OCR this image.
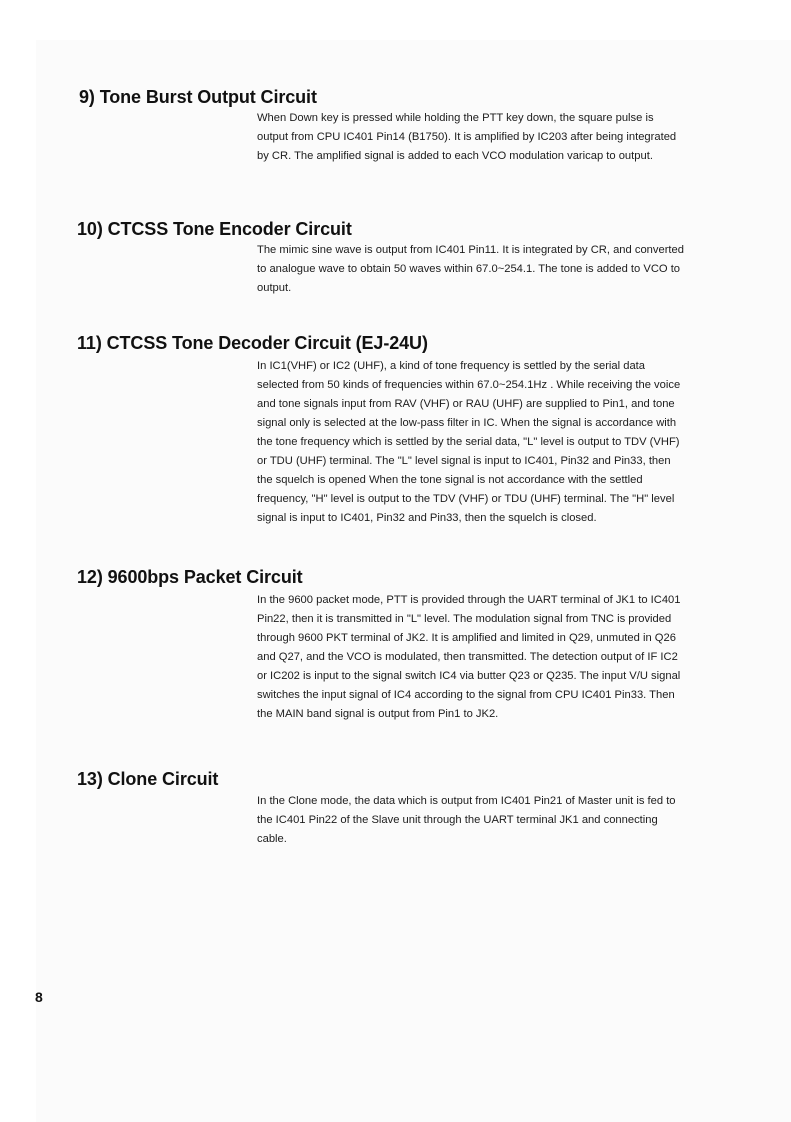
9) Tone Burst Output Circuit

When Down key is pressed while holding the PTT key down, the square pulse is output from CPU IC401 Pin14 (B1750). It is amplified by IC203 after being integrated by CR. The amplified signal is added to each VCO modulation varicap to output.

10) CTCSS Tone Encoder Circuit

The mimic sine wave is output from IC401 Pin11. It is integrated by CR, and converted to analogue wave to obtain 50 waves within 67.0~254.1. The tone is added to VCO to output.

11) CTCSS Tone Decoder Circuit (EJ-24U)

In IC1(VHF) or IC2 (UHF), a kind of tone frequency is settled by the serial data selected from 50 kinds of frequencies within 67.0~254.1Hz . While receiving the voice and tone signals input from RAV (VHF) or RAU (UHF) are supplied to Pin1, and tone signal only is selected at the low-pass filter in IC. When the signal is accordance with the tone frequency which is settled by the serial data, "L" level is output to TDV (VHF) or TDU (UHF) terminal. The "L" level signal is input to IC401, Pin32 and Pin33, then the squelch is opened When the tone signal is not accordance with the settled frequency, "H" level is output to the TDV (VHF) or TDU (UHF) terminal. The "H" level signal is input to IC401, Pin32 and Pin33, then the squelch is closed.

12) 9600bps Packet Circuit

In the 9600 packet mode, PTT is provided through the UART terminal of JK1 to IC401 Pin22, then it is transmitted in "L" level. The modulation signal from TNC is provided through 9600 PKT terminal of JK2. It is amplified and limited in Q29, unmuted in Q26 and Q27, and the VCO is modulated, then transmitted. The detection output of IF IC2 or IC202 is input to the signal switch IC4 via butter Q23 or Q235. The input V/U signal switches the input signal of IC4 according to the signal from CPU IC401 Pin33. Then the MAIN band signal is output from Pin1 to JK2.

13) Clone Circuit

In the Clone mode, the data which is output from IC401 Pin21 of Master unit is fed to the IC401 Pin22 of the Slave unit through the UART terminal JK1 and connecting cable.

8
